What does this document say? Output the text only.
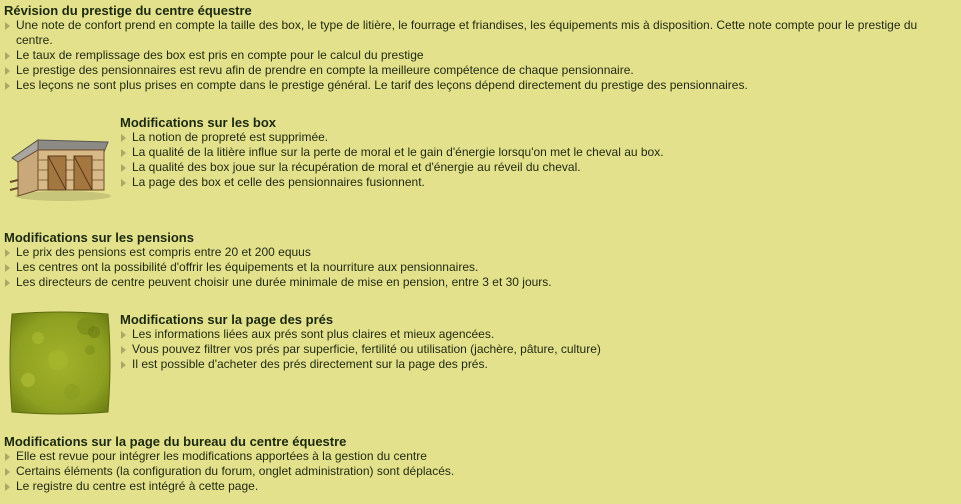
Révision du prestige du centre équestre
Une note de confort prend en compte la taille des box, le type de litière, le fourrage et friandises, les équipements mis à disposition. Cette note compte pour le prestige du centre.
Le taux de remplissage des box est pris en compte pour le calcul du prestige
Le prestige des pensionnaires est revu afin de prendre en compte la meilleure compétence de chaque pensionnaire.
Les leçons ne sont plus prises en compte dans le prestige général. Le tarif des leçons dépend directement du prestige des pensionnaires.
Modifications sur les box
La notion de propreté est supprimée.
La qualité de la litière influe sur la perte de moral et le gain d'énergie lorsqu'on met le cheval au box.
La qualité des box joue sur la récupération de moral et d'énergie au réveil du cheval.
La page des box et celle des pensionnaires fusionnent.
Modifications sur les pensions
Le prix des pensions est compris entre 20 et 200 equus
Les centres ont la possibilité d'offrir les équipements et la nourriture aux pensionnaires.
Les directeurs de centre peuvent choisir une durée minimale de mise en pension, entre 3 et 30 jours.
Modifications sur la page des prés
Les informations liées aux prés sont plus claires et mieux agencées.
Vous pouvez filtrer vos prés par superficie, fertilité ou utilisation (jachère, pâture, culture)
Il est possible d'acheter des prés directement sur la page des prés.
Modifications sur la page du bureau du centre équestre
Elle est revue pour intégrer les modifications apportées à la gestion du centre
Certains éléments (la configuration du forum, onglet administration) sont déplacés.
Le registre du centre est intégré à cette page.
